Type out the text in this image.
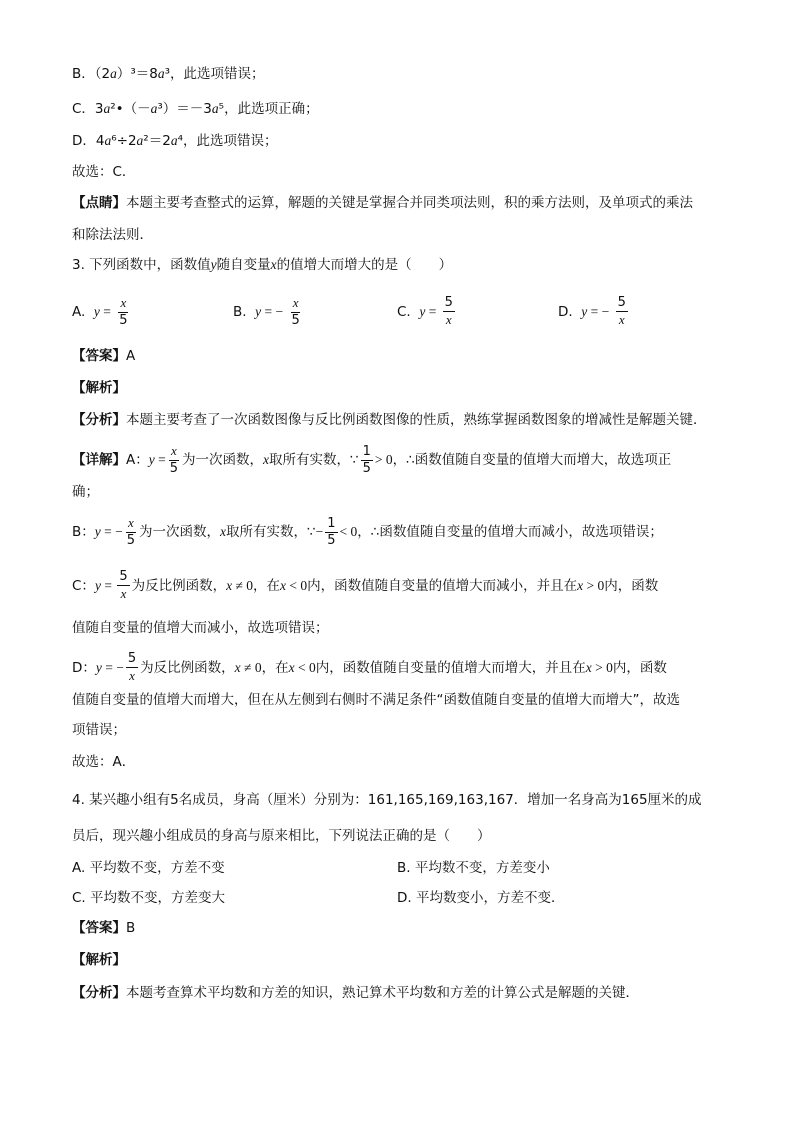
B．（2a）³＝8a³，此选项错误；
C．3a²•（－a³）＝－3a⁵，此选项正确；
D．4a⁶÷2a²＝2a⁴，此选项错误；
故选：C．
【点睛】本题主要考查整式的运算，解题的关键是掌握合并同类项法则，积的乘方法则，及单项式的乘法
和除法法则．
3. 下列函数中，函数值y随自变量x的值增大而增大的是（　　）
A. $y = \frac{x}{5}$	B. y = − $\frac{x}{5}$	C. $y = \frac{5}{x}$	D. y = − $\frac{5}{x}$
【答案】A
【解析】
【分析】本题主要考查了一次函数图像与反比例函数图像的性质，熟练掌握函数图象的增减性是解题关键．
【详解】A：$y = \frac{x}{5}$ 为一次函数，x取所有实数，∵ $\frac{1}{5} > 0$，∴函数值随自变量的值增大而增大，故选项正
确；
B：y = − $\frac{x}{5}$ 为一次函数，x取所有实数，∵− $\frac{1}{5} < 0$，∴函数值随自变量的值增大而减小，故选项错误；
C：$y = \frac{5}{x}$ 为反比例函数，x ≠ 0，在x < 0内，函数值随自变量的值增大而减小，并且在x > 0内，函数
值随自变量的值增大而减小，故选项错误；
D：y = − $\frac{5}{x}$ 为反比例函数，x ≠ 0，在x < 0内，函数值随自变量的值增大而增大，并且在x > 0内，函数
值随自变量的值增大而增大，但在从左侧到右侧时不满足条件“函数值随自变量的值增大而增大”，故选
项错误；
故选：A．
4. 某兴趣小组有5名成员，身高（厘米）分别为：161,165,169,163,167．增加一名身高为165厘米的成
员后，现兴趣小组成员的身高与原来相比，下列说法正确的是（　　）
A. 平均数不变，方差不变	B. 平均数不变，方差变小
C. 平均数不变，方差变大	D. 平均数变小，方差不变．
【答案】B
【解析】
【分析】本题考查算术平均数和方差的知识，熟记算术平均数和方差的计算公式是解题的关键．
